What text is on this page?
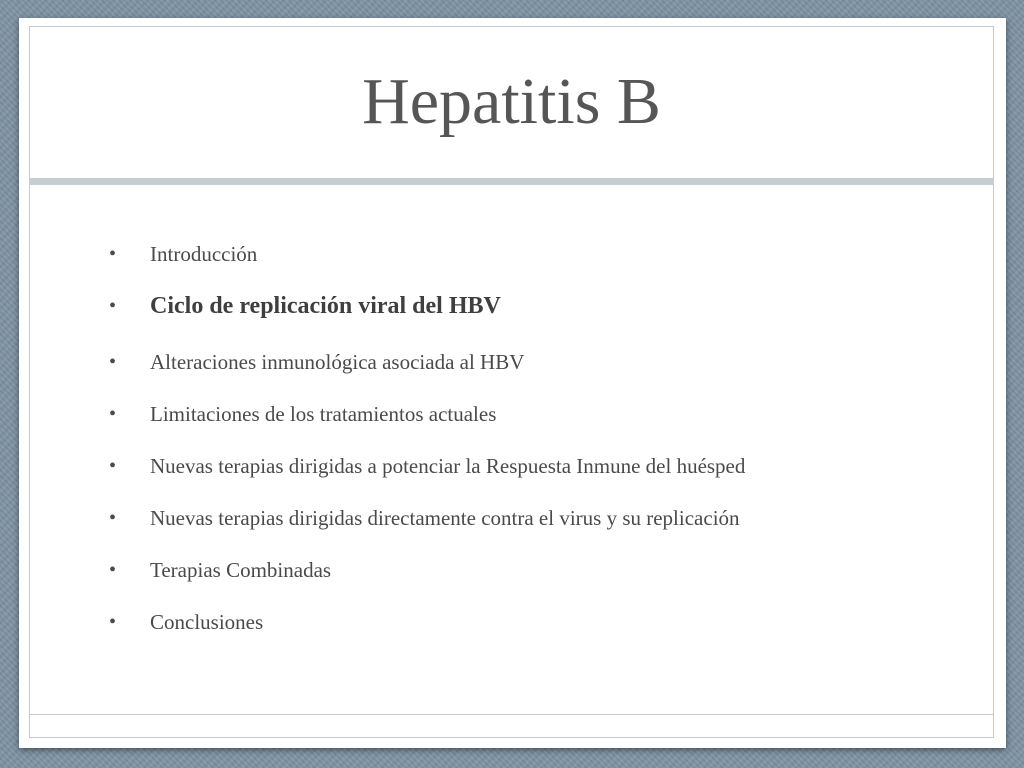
Hepatitis B
• Introducción
• Ciclo de replicación viral del HBV
• Alteraciones inmunológica asociada al HBV
• Limitaciones de los tratamientos actuales
• Nuevas terapias dirigidas a potenciar la Respuesta Inmune del huésped
• Nuevas terapias dirigidas directamente contra el virus y su replicación
• Terapias Combinadas
• Conclusiones
